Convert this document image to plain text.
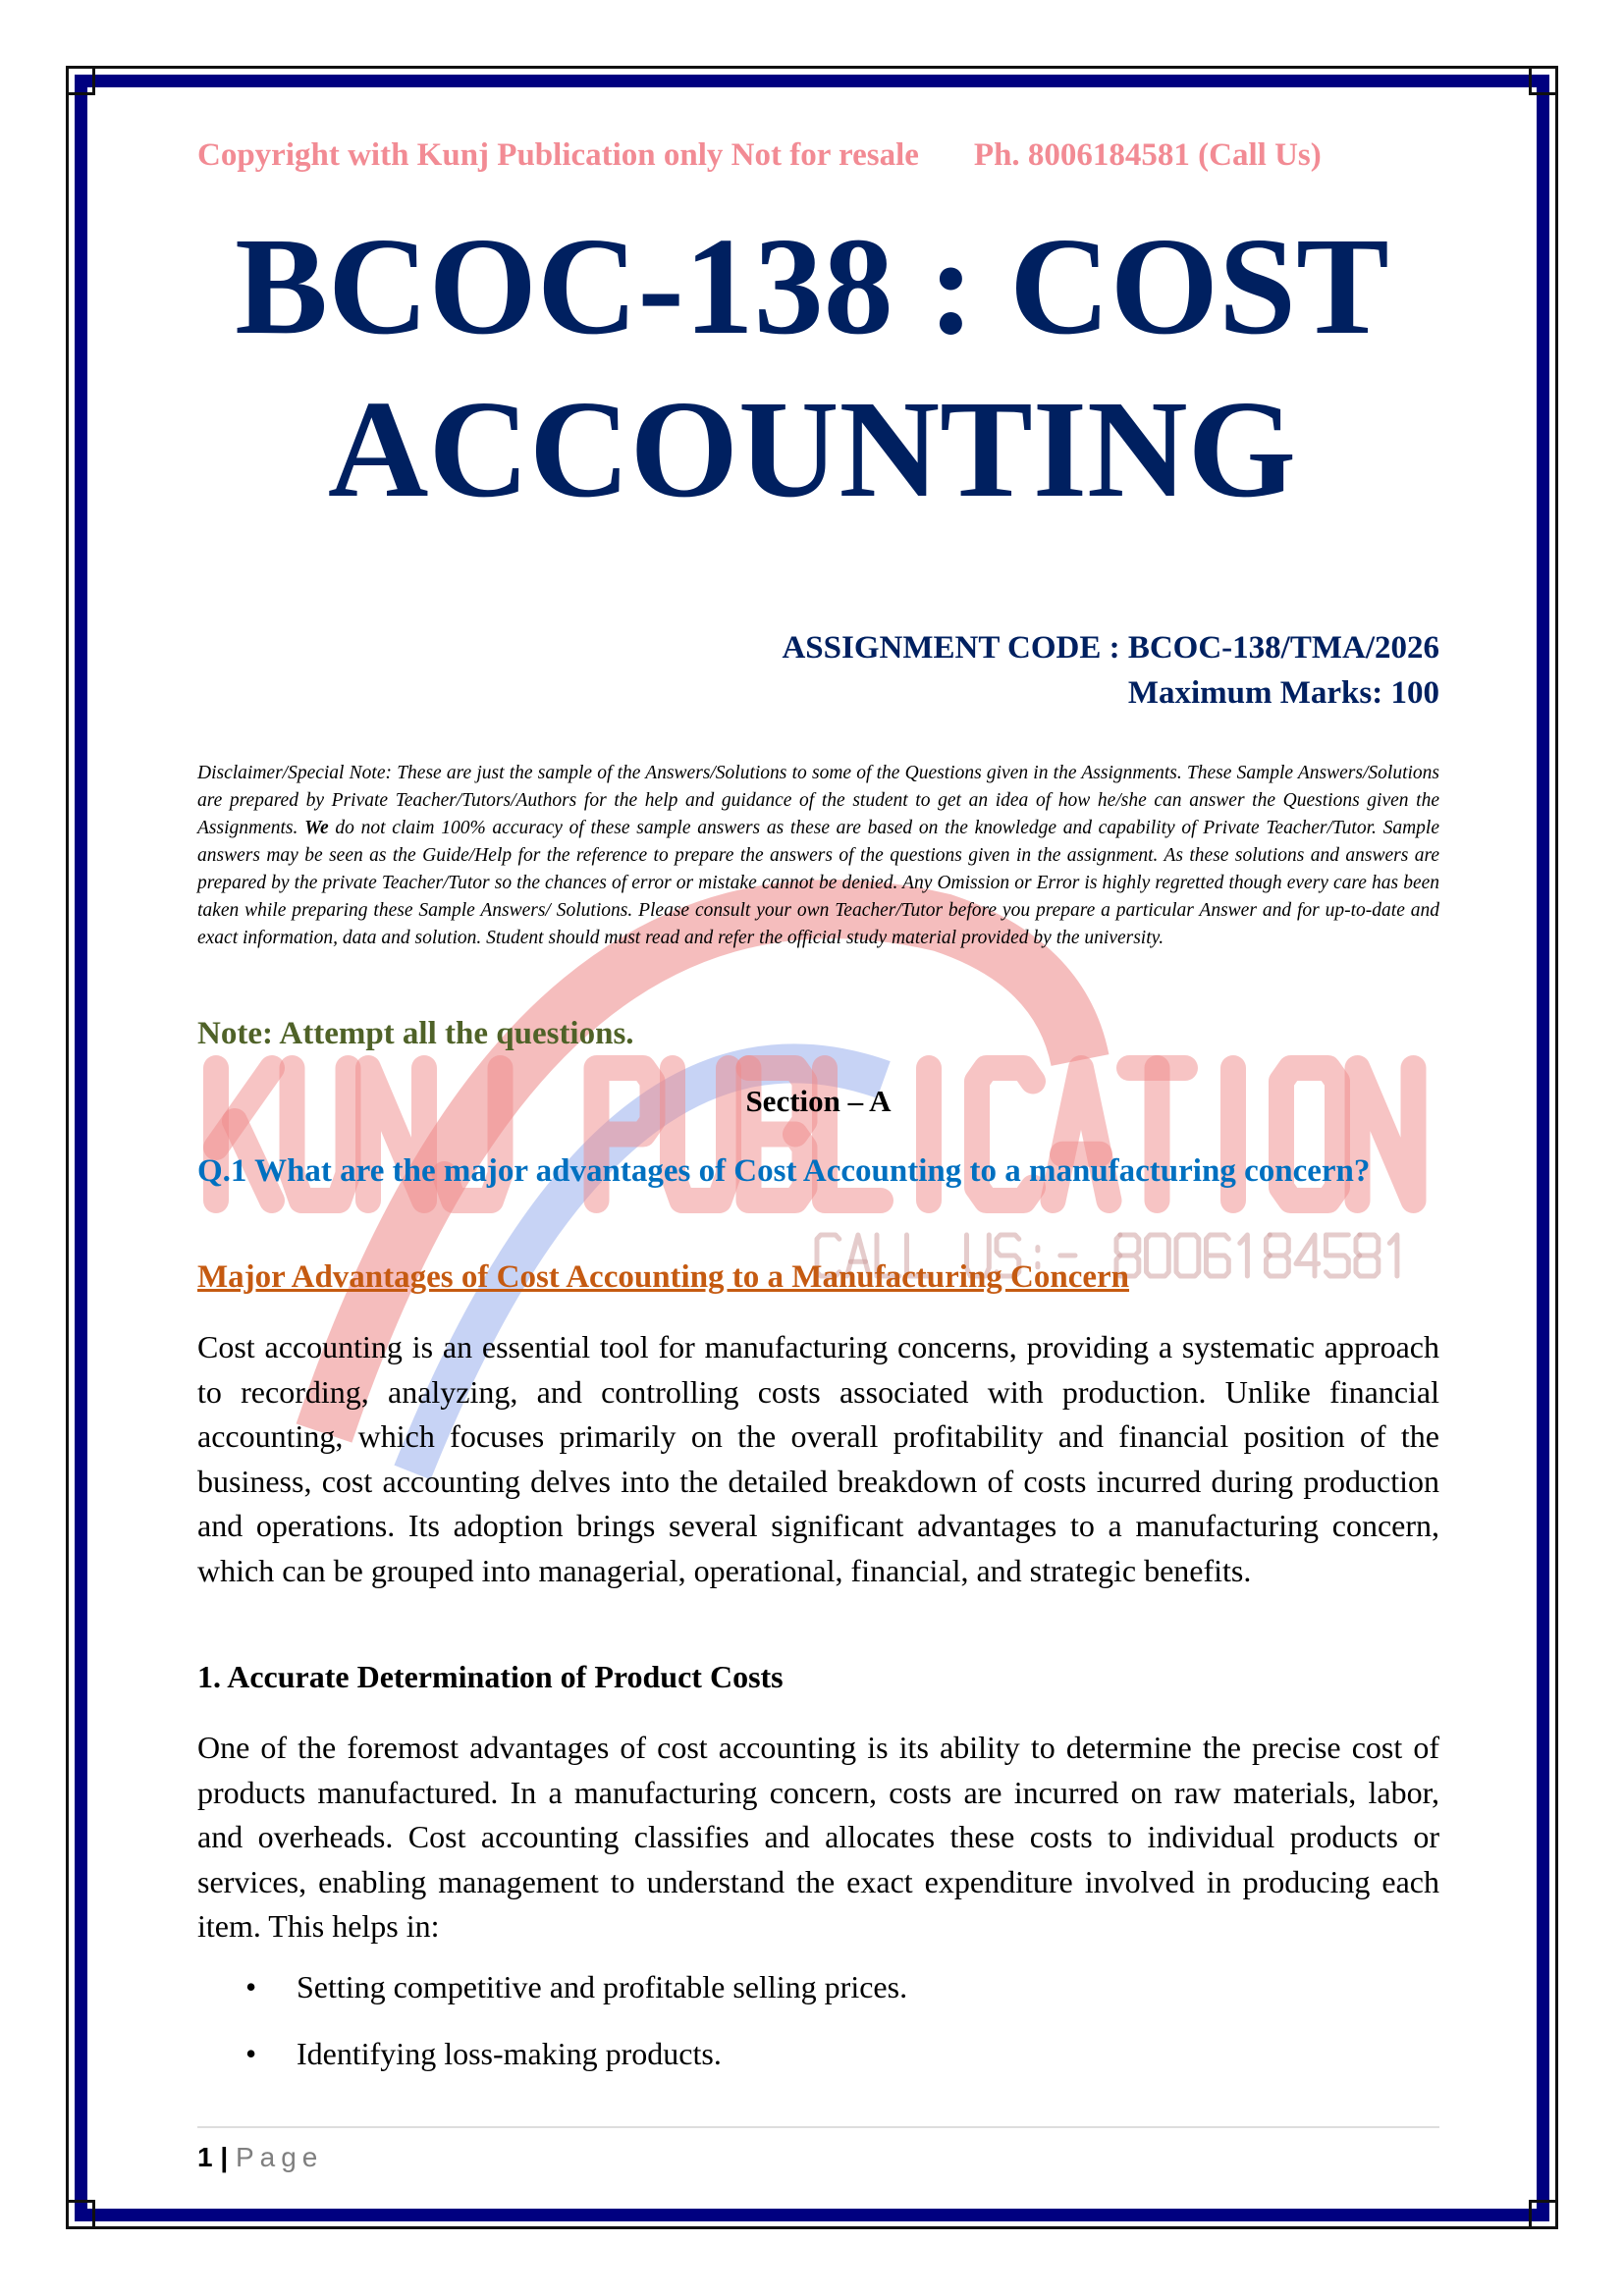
Copyright with Kunj Publication only Not for resale Ph. 8006184581 (Call Us)
BCOC-138 : COST
ACCOUNTING
ASSIGNMENT CODE : BCOC-138/TMA/2026
Maximum Marks: 100
Disclaimer/Special Note: These are just the sample of the Answers/Solutions to some of the Questions given in the Assignments. These Sample Answers/Solutions are prepared by Private Teacher/Tutors/Authors for the help and guidance of the student to get an idea of how he/she can answer the Questions given the Assignments. We do not claim 100% accuracy of these sample answers as these are based on the knowledge and capability of Private Teacher/Tutor. Sample answers may be seen as the Guide/Help for the reference to prepare the answers of the questions given in the assignment. As these solutions and answers are prepared by the private Teacher/Tutor so the chances of error or mistake cannot be denied. Any Omission or Error is highly regretted though every care has been taken while preparing these Sample Answers/ Solutions. Please consult your own Teacher/Tutor before you prepare a particular Answer and for up-to-date and exact information, data and solution. Student should must read and refer the official study material provided by the university.
Note: Attempt all the questions.
Section – A
Q.1 What are the major advantages of Cost Accounting to a manufacturing concern?
Major Advantages of Cost Accounting to a Manufacturing Concern
Cost accounting is an essential tool for manufacturing concerns, providing a systematic approach to recording, analyzing, and controlling costs associated with production. Unlike financial accounting, which focuses primarily on the overall profitability and financial position of the business, cost accounting delves into the detailed breakdown of costs incurred during production and operations. Its adoption brings several significant advantages to a manufacturing concern, which can be grouped into managerial, operational, financial, and strategic benefits.
1. Accurate Determination of Product Costs
One of the foremost advantages of cost accounting is its ability to determine the precise cost of products manufactured. In a manufacturing concern, costs are incurred on raw materials, labor, and overheads. Cost accounting classifies and allocates these costs to individual products or services, enabling management to understand the exact expenditure involved in producing each item. This helps in:
• Setting competitive and profitable selling prices.
• Identifying loss-making products.
1 | Page
